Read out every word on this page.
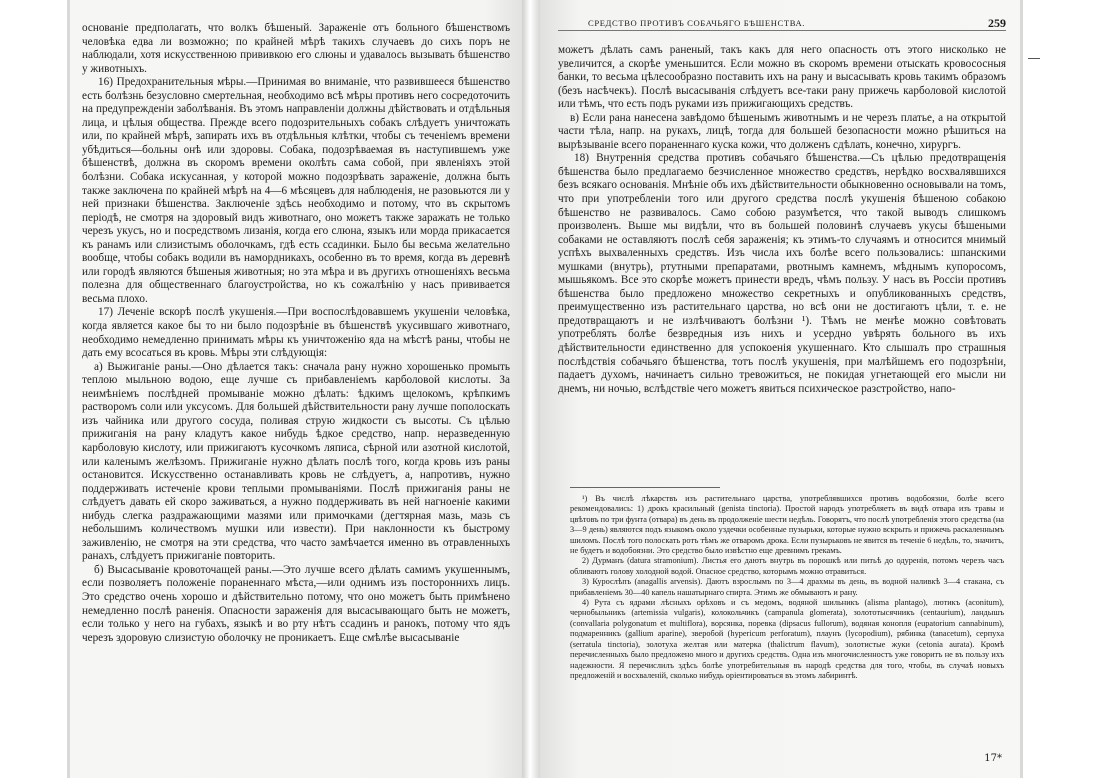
основаніе предполагать, что волкъ бѣшеный. Зараженіе отъ больного бѣшенствомъ человѣка едва ли возможно; по крайней мѣрѣ такихъ случаевъ до сихъ поръ не наблюдали, хотя искусственною прививкою его слюны и удавалось вызывать бѣшенство у животныхъ.

16) Предохранительныя мѣры.—Принимая во вниманіе, что развившееся бѣшенство есть болѣзнь безусловно смертельная, необходимо всѣ мѣры противъ него сосредоточить на предупрежденіи заболѣванія. Въ этомъ направленіи должны дѣйствовать и отдѣльныя лица, и цѣлыя общества. Прежде всего подозрительныхъ собакъ слѣдуетъ уничтожать или, по крайней мѣрѣ, запирать ихъ въ отдѣльныя клѣтки, чтобы съ теченіемъ времени убѣдиться—больны онѣ или здоровы. Собака, подозрѣваемая въ наступившемъ уже бѣшенствѣ, должна въ скоромъ времени околѣть сама собой, при явленіяхъ этой болѣзни. Собака искусанная, у которой можно подозрѣвать зараженіе, должна быть также заключена по крайней мѣрѣ на 4—6 мѣсяцевъ для наблюденія, не разовьются ли у ней признаки бѣшенства. Заключеніе здѣсь необходимо и потому, что въ скрытомъ періодѣ, не смотря на здоровый видъ животнаго, оно можетъ также заражать не только черезъ укусъ, но и посредствомъ лизанія, когда его слюна, языкъ или морда прикасается къ ранамъ или слизистымъ оболочкамъ, гдѣ есть ссадинки. Было бы весьма желательно вообще, чтобы собакъ водили въ намордникахъ, особенно въ то время, когда въ деревнѣ или городѣ являются бѣшеныя животныя; но эта мѣра и въ другихъ отношеніяхъ весьма полезна для общественнаго благоустройства, но къ сожалѣнію у насъ прививается весьма плохо.

17) Леченіе вскорѣ послѣ укушенія.—При воспослѣдовавшемъ укушеніи человѣка, когда является какое бы то ни было подозрѣніе въ бѣшенствѣ укусившаго животнаго, необходимо немедленно принимать мѣры къ уничтоженію яда на мѣстѣ раны, чтобы не дать ему всосаться въ кровь. Мѣры эти слѣдующія:

а) Выжиганіе раны.—Оно дѣлается такъ: сначала рану нужно хорошенько промыть теплою мыльною водою, еще лучше съ прибавленіемъ карболовой кислоты. За неимѣніемъ послѣдней промываніе можно дѣлать: ѣдкимъ щелокомъ, крѣпкимъ растворомъ соли или уксусомъ. Для большей дѣйствительности рану лучше пополоскать изъ чайника или другого сосуда, поливая струю жидкости съ высоты. Съ цѣлью прижиганія на рану кладутъ какое нибудь ѣдкое средство, напр. неразведенную карболовую кислоту, или прижигаютъ кусочкомъ ляписа, сѣрной или азотной кислотой, или каленымъ желѣзомъ. Прижиганіе нужно дѣлать послѣ того, когда кровь изъ раны остановится. Искусственно останавливать кровь не слѣдуетъ, а, напротивъ, нужно поддерживать истеченіе крови теплыми промываніями. Послѣ прижиганія раны не слѣдуетъ давать ей скоро заживаться, а нужно поддерживать въ ней нагноеніе какими нибудь слегка раздражающими мазями или примочками (дегтярная мазь, мазь съ небольшимъ количествомъ мушки или извести). При наклонности къ быстрому заживленію, не смотря на эти средства, что часто замѣчается именно въ отравленныхъ ранахъ, слѣдуетъ прижиганіе повторить.

б) Высасываніе кровоточащей раны.—Это лучше всего дѣлать самимъ укушеннымъ, если позволяетъ положеніе пораненнаго мѣста,—или однимъ изъ постороннихъ лицъ. Это средство очень хорошо и дѣйствительно потому, что оно можетъ быть примѣнено немедленно послѣ раненія. Опасности зараженія для высасывающаго быть не можетъ, если только у него на губахъ, языкѣ и во рту нѣтъ ссадинъ и ранокъ, потому что ядъ черезъ здоровую слизистую оболочку не проникаетъ. Еще смѣлѣе высасываніе

СРЕДСТВО ПРОТИВЪ СОБАЧЬЯГО БѢШЕНСТВА.	259

можетъ дѣлать самъ раненый, такъ какъ для него опасность отъ этого нисколько не увеличится, а скорѣе уменьшится. Если можно въ скоромъ времени отыскать кровососныя банки, то весьма цѣлесообразно поставить ихъ на рану и высасывать кровь такимъ образомъ (безъ насѣчекъ). Послѣ высасыванія слѣдуетъ все-таки рану прижечь карболовой кислотой или тѣмъ, что есть подъ руками изъ прижигающихъ средствъ.

в) Если рана нанесена завѣдомо бѣшенымъ животнымъ и не черезъ платье, а на открытой части тѣла, напр. на рукахъ, лицѣ, тогда для большей безопасности можно рѣшиться на вырѣзываніе всего пораненнаго куска кожи, что долженъ сдѣлать, конечно, хирургъ.

18) Внутреннія средства противъ собачьяго бѣшенства.—Съ цѣлью предотвращенія бѣшенства было предлагаемо безчисленное множество средствъ, нерѣдко восхвалявшихся безъ всякаго основанія. Мнѣніе объ ихъ дѣйствительности обыкновенно основывали на томъ, что при употребленіи того или другого средства послѣ укушенія бѣшеною собакою бѣшенство не развивалось. Само собою разумѣется, что такой выводъ слишкомъ произволенъ. Выше мы видѣли, что въ большей половинѣ случаевъ укусы бѣшеными собаками не оставляютъ послѣ себя зараженія; къ этимъ-то случаямъ и относится мнимый успѣхъ выхваленныхъ средствъ. Изъ числа ихъ болѣе всего пользовались: шпанскими мушками (внутрь), ртутными препаратами, рвотнымъ камнемъ, мѣднымъ купоросомъ, мышьякомъ. Все это скорѣе можетъ принести вредъ, чѣмъ пользу. У насъ въ Россіи противъ бѣшенства было предложено множество секретныхъ и опубликованныхъ средствъ, преимущественно изъ растительнаго царства, но всѣ они не достигаютъ цѣли, т. е. не предотвращаютъ и не излѣчиваютъ болѣзни ¹). Тѣмъ не менѣе можно совѣтовать употреблять болѣе безвредныя изъ нихъ и усердно увѣрять больного въ ихъ дѣйствительности единственно для успокоенія укушеннаго. Кто слышалъ про страшныя послѣдствія собачьяго бѣшенства, тотъ послѣ укушенія, при малѣйшемъ его подозрѣніи, падаетъ духомъ, начинаетъ сильно тревожиться, не покидая угнетающей его мысли ни днемъ, ни ночью, вслѣдствіе чего можетъ явиться психическое разстройство, напо-

¹) Въ числѣ лѣкарствъ изъ растительнаго царства, употреблявшихся противъ водобоязни, болѣе всего рекомендовались: 1) дрокъ красильный (genista tinctoria). Простой народъ употребляетъ въ видѣ отвара изъ травы и цвѣтовъ по три фунта (отвара) въ день въ продолженіе шести недѣль. Говорятъ, что послѣ употребленія этого средства (на 3—9 день) являются подъ языкомъ около уздечки особенные пузырьки, которые нужно вскрыть и прижечь раскаленнымъ шиломъ. Послѣ того полоскать ротъ тѣмъ же отваромъ дрока. Если пузырьковъ не явится въ теченіе 6 недѣль, то, значитъ, не будетъ и водобоязни. Это средство было извѣстно еще древнимъ грекамъ.

2) Дурманъ (datura stramonium). Листья его даютъ внутрь въ порошкѣ или питьѣ до одуренія, потомъ черезъ часъ обливаютъ голову холодной водой. Опасное средство, которымъ можно отравиться.

3) Курослѣпъ (anagallis arvensis). Даютъ взрослымъ по 3—4 драхмы въ день, въ водной наливкѣ 3—4 стакана, съ прибавленіемъ 30—40 капель нашатырнаго спирта. Этимъ же обмываютъ и рану.

4) Рута съ ядрами лѣсныхъ орѣховъ и съ медомъ, водяной шильникъ (alisma plantago), лютикъ (aconitum), чернобыльникъ (artemissia vulgaris), колокольчикъ (campanula glomerata), золототысячникъ (centaurium), ландышъ (convallaria polygonatum et multiflora), ворсянка, поревка (dipsacus fullorum), водяная конопля (eupatorium cannabinum), подмаренникъ (gallium aparine), зверобой (hypericum perforatum), плаунъ (lycopodium), рябинка (tanacetum), серпуха (serratula tinctoria), золотуха желтая или матерка (thalictrum flavum), золотистые жуки (cetonia aurata). Кромѣ перечисленныхъ было предложено много и другихъ средствъ. Одна изъ многочисленностъ уже говоритъ не въ пользу ихъ надежности. Я перечислилъ здѣсь болѣе употребительныя въ народѣ средства для того, чтобы, въ случаѣ новыхъ предложеній и восхваленій, сколько нибудь оріентироваться въ этомъ лабиринтѣ.

17*
